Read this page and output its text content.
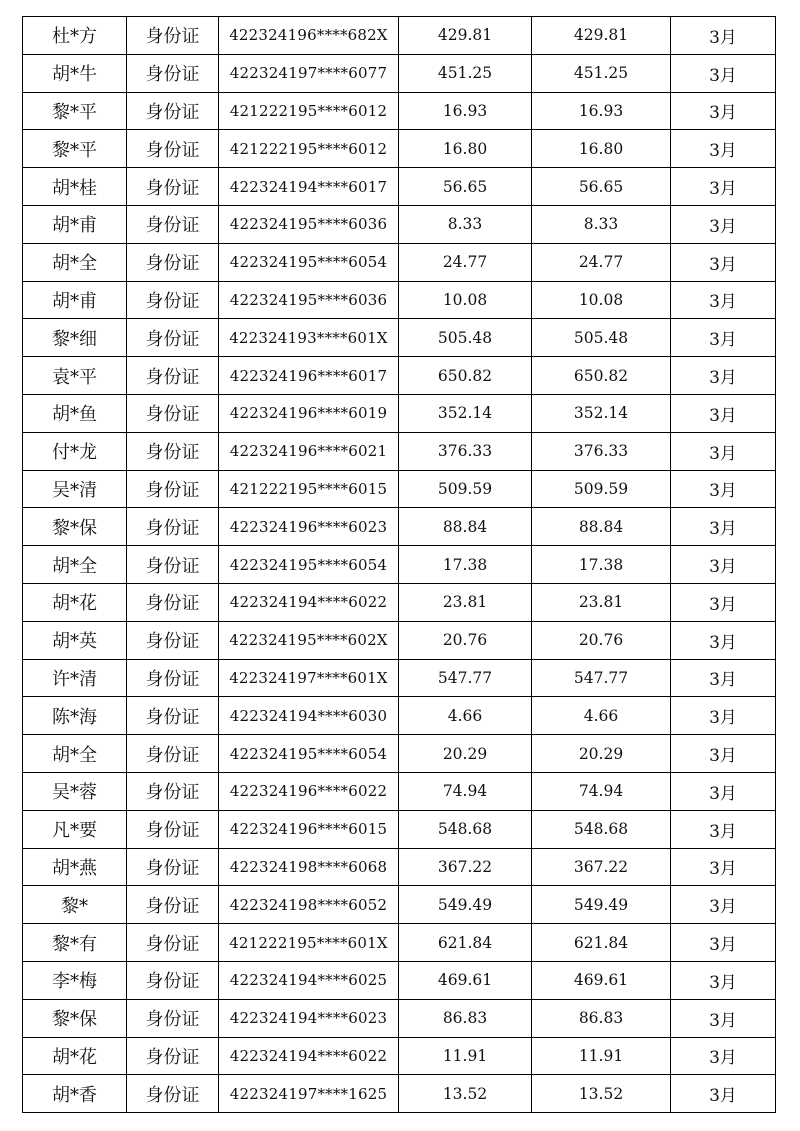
杜*方	身份证	422324196****682X	429.81	429.81	3月
胡*牛	身份证	422324197****6077	451.25	451.25	3月
黎*平	身份证	421222195****6012	16.93	16.93	3月
黎*平	身份证	421222195****6012	16.80	16.80	3月
胡*桂	身份证	422324194****6017	56.65	56.65	3月
胡*甫	身份证	422324195****6036	8.33	8.33	3月
胡*全	身份证	422324195****6054	24.77	24.77	3月
胡*甫	身份证	422324195****6036	10.08	10.08	3月
黎*细	身份证	422324193****601X	505.48	505.48	3月
袁*平	身份证	422324196****6017	650.82	650.82	3月
胡*鱼	身份证	422324196****6019	352.14	352.14	3月
付*龙	身份证	422324196****6021	376.33	376.33	3月
吴*清	身份证	421222195****6015	509.59	509.59	3月
黎*保	身份证	422324196****6023	88.84	88.84	3月
胡*全	身份证	422324195****6054	17.38	17.38	3月
胡*花	身份证	422324194****6022	23.81	23.81	3月
胡*英	身份证	422324195****602X	20.76	20.76	3月
许*清	身份证	422324197****601X	547.77	547.77	3月
陈*海	身份证	422324194****6030	4.66	4.66	3月
胡*全	身份证	422324195****6054	20.29	20.29	3月
吴*蓉	身份证	422324196****6022	74.94	74.94	3月
凡*要	身份证	422324196****6015	548.68	548.68	3月
胡*燕	身份证	422324198****6068	367.22	367.22	3月
黎*	身份证	422324198****6052	549.49	549.49	3月
黎*有	身份证	421222195****601X	621.84	621.84	3月
李*梅	身份证	422324194****6025	469.61	469.61	3月
黎*保	身份证	422324194****6023	86.83	86.83	3月
胡*花	身份证	422324194****6022	11.91	11.91	3月
胡*香	身份证	422324197****1625	13.52	13.52	3月
